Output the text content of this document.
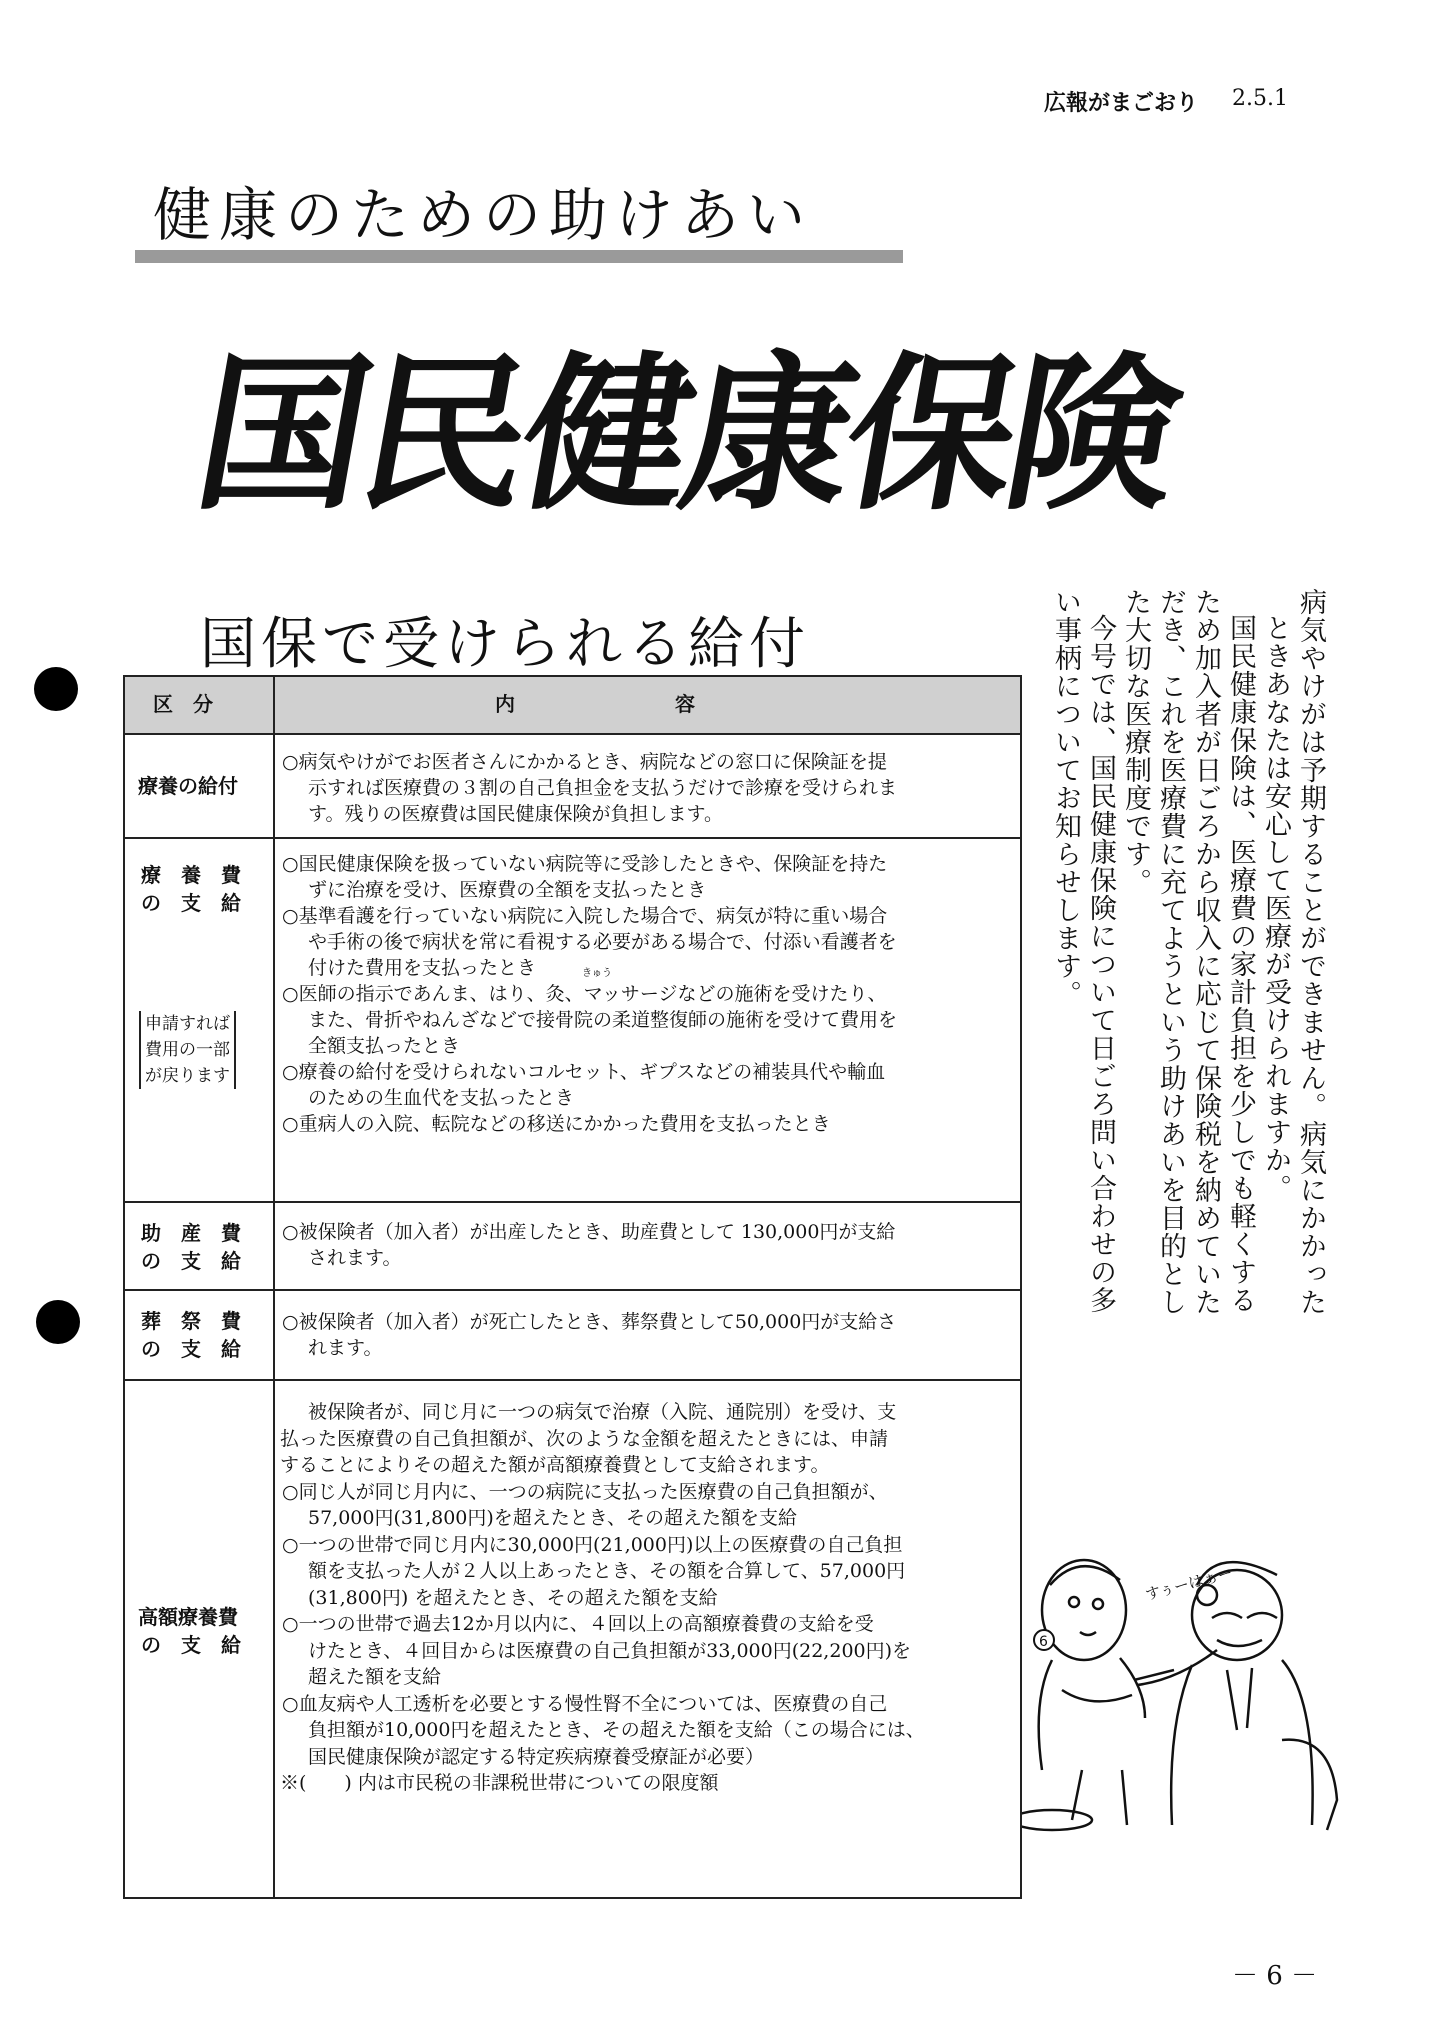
広報がまごおり 2.5.1
健康のための助けあい
国民健康保険
国保で受けられる給付
区　分	内　　　　　　　　容
療養の給付

○病気やけがでお医者さんにかかるとき、病院などの窓口に保険証を提

示すれば医療費の３割の自己負担金を支払うだけで診療を受けられま

す。残りの医療費は国民健康保険が負担します。

療　養　費
の　支　給
申請すれば
費用の一部
が戻ります

○国民健康保険を扱っていない病院等に受診したときや、保険証を持た

ずに治療を受け、医療費の全額を支払ったとき

○基準看護を行っていない病院に入院した場合で、病気が特に重い場合

や手術の後で病状を常に看視する必要がある場合で、付添い看護者を

付けた費用を支払ったとき	きゅう

○医師の指示であんま、はり、灸、マッサージなどの施術を受けたり、

また、骨折やねんざなどで接骨院の柔道整復師の施術を受けて費用を

全額支払ったとき

○療養の給付を受けられないコルセット、ギプスなどの補装具代や輸血

のための生血代を支払ったとき

○重病人の入院、転院などの移送にかかった費用を支払ったとき

助　産　費
の　支　給

○被保険者（加入者）が出産したとき、助産費として 130,000円が支給

されます。

葬　祭　費
の　支　給

○被保険者（加入者）が死亡したとき、葬祭費として50,000円が支給さ

れます。

高額療養費
の　支　給

被保険者が、同じ月に一つの病気で治療（入院、通院別）を受け、支

払った医療費の自己負担額が、次のような金額を超えたときには、申請

することによりその超えた額が高額療養費として支給されます。

○同じ人が同じ月内に、一つの病院に支払った医療費の自己負担額が、

57,000円(31,800円)を超えたとき、その超えた額を支給

○一つの世帯で同じ月内に30,000円(21,000円)以上の医療費の自己負担

額を支払った人が２人以上あったとき、その額を合算して、57,000円

(31,800円) を超えたとき、その超えた額を支給

○一つの世帯で過去12か月以内に、４回以上の高額療養費の支給を受

けたとき、４回目からは医療費の自己負担額が33,000円(22,200円)を

超えた額を支給

○血友病や人工透析を必要とする慢性腎不全については、医療費の自己

負担額が10,000円を超えたとき、その超えた額を支給（この場合には、

国民健康保険が認定する特定疾病療養受療証が必要）

※(　　) 内は市民税の非課税世帯についての限度額

病気やけがは予期することができません。病気にかかった

ときあなたは安心して医療が受けられますか。

国民健康保険は、医療費の家計負担を少しでも軽くする

ため加入者が日ごろから収入に応じて保険税を納めていた

だき、これを医療費に充てようという助けあいを目的とし

た大切な医療制度です。

今号では、国民健康保険について日ごろ問い合わせの多

い事柄についてお知らせします。

すぅーはぁー
6
－ 6 －
